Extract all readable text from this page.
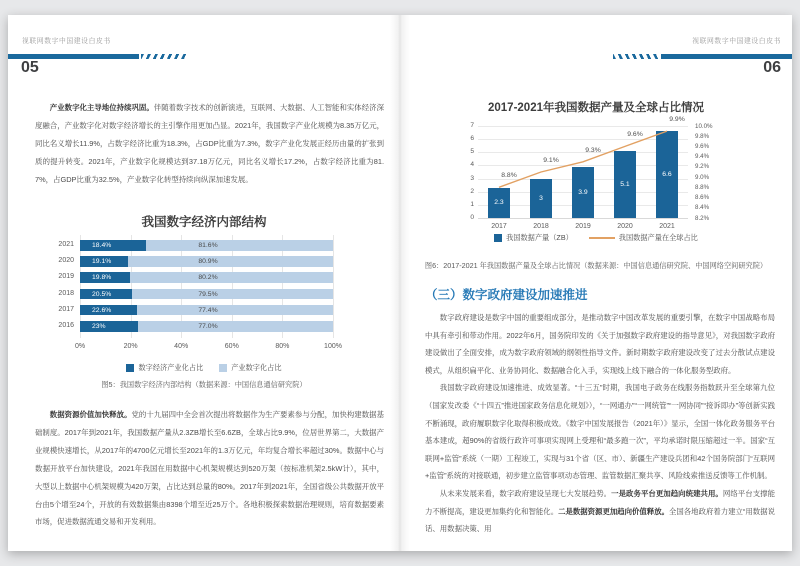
视联网数字中国建设白皮书
05

产业数字化主导地位持续巩固。伴随着数字技术的创新演进，互联网、大数据、人工智能和实体经济深度融合，产业数字化对数字经济增长的主引擎作用更加凸显。2021年，我国数字产业化规模为8.35万亿元，同比名义增长11.9%，占数字经济比重为18.3%，占GDP比重为7.3%，数字产业化发展正经历由量的扩张到质的提升转变。2021年，产业数字化规模达到37.18万亿元，同比名义增长17.2%，占数字经济比重为81.7%，占GDP比重为32.5%，产业数字化转型持续向纵深加速发展。

我国数字经济内部结构
0%	20%	40%	60%	80%	100%
2021	18.4%	81.6%
2020	19.1%	80.9%
2019	19.8%	80.2%
2018	20.5%	79.5%
2017	22.6%	77.4%
2016	23%	77.0%
数字经济产业化占比	产业数字化占比
图5：我国数字经济内部结构（数据来源：中国信息通信研究院）

数据资源价值加快释放。党的十九届四中全会首次提出将数据作为生产要素参与分配，加快构建数据基础制度。2017年到2021年，我国数据产量从2.3ZB增长至6.6ZB，全球占比9.9%，位居世界第二，大数据产业规模快速增长，从2017年的4700亿元增长至2021年的1.3万亿元，年均复合增长率超过30%。数据中心与数据开放平台加快建设，2021年我国在用数据中心机架规模达到520万架（按标准机架2.5kW计），其中，大型以上数据中心机架规模为420万架，占比达到总量的80%。2017年到2021年，全国省级公共数据开放平台由5个增至24个，开放的有效数据集由8398个增至近25万个。各地积极探索数据治理规则，培育数据要素市场，促进数据流通交易和开发利用。

视联网数字中国建设白皮书
06
2017-2021年我国数据产量及全球占比情况
0
1
2
3
4
5
6
7	10.0%
9.8%
9.6%
9.4%
9.2%
9.0%
8.8%
8.6%
8.4%
8.2%
2.3
2017
8.8%
3
2018
9.1%
3.9
2019
9.3%
5.1
2020
9.6%
6.6
2021
9.9%
我国数据产量（ZB）	我国数据产量在全球占比
图6：2017-2021 年我国数据产量及全球占比情况（数据来源：中国信息通信研究院、中国网络空间研究院）
（三）数字政府建设加速推进

数字政府建设是数字中国的重要组成部分，是推动数字中国改革发展的重要引擎，在数字中国战略布局中具有牵引和带动作用。2022年6月，国务院印发的《关于加强数字政府建设的指导意见》，对我国数字政府建设做出了全面安排，成为数字政府领域的纲领性指导文件。新时期数字政府建设改变了过去分散试点建设模式，从组织扁平化、业务协同化、数据融合化入手，实现线上线下融合的一体化服务型政府。

我国数字政府建设加速推进、成效显著。“十三五”时期，我国电子政务在线服务指数跃升至全球第九位（国家发改委《“十四五”推进国家政务信息化规划》），“一网通办”“一网统管”“一网协同”“接诉即办”等创新实践不断涌现，政府履职数字化取得积极成效。《数字中国发展报告（2021年）》显示，全国一体化政务服务平台基本建成，超90%的省级行政许可事项实现网上受理和“最多跑一次”，平均承诺时限压缩超过一半。国家“互联网+监管”系统（一期）工程竣工，实现与31个省（区、市）、新疆生产建设兵团和42个国务院部门“互联网+监管”系统的对接联通，初步建立监管事项动态管理、监管数据汇聚共享、风险线索推送反馈等工作机制。

从未来发展来看，数字政府建设呈现七大发展趋势。一是政务平台更加趋向统建共用。网络平台支撑能力不断提高，建设更加集约化和智能化。二是数据资源更加趋向价值释放。全国各地政府着力建立“用数据说话、用数据决策、用
